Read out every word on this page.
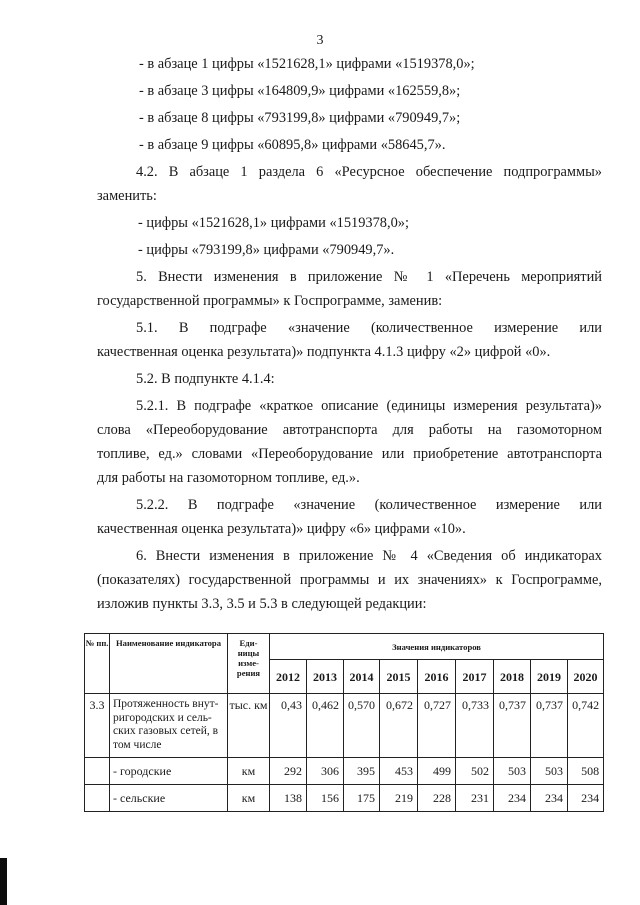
3
- в абзаце 1 цифры «1521628,1» цифрами «1519378,0»;
- в абзаце 3 цифры «164809,9» цифрами «162559,8»;
- в абзаце 8 цифры «793199,8» цифрами «790949,7»;
- в абзаце 9 цифры «60895,8» цифрами «58645,7».
4.2. В абзаце 1 раздела 6 «Ресурсное обеспечение подпрограммы»
заменить:
- цифры «1521628,1» цифрами «1519378,0»;
- цифры «793199,8» цифрами «790949,7».
5. Внести изменения в приложение № 1 «Перечень мероприятий
государственной программы» к Госпрограмме, заменив:
5.1. В подграфе «значение (количественное измерение или
качественная оценка результата)» подпункта 4.1.3 цифру «2» цифрой «0».
5.2. В подпункте 4.1.4:
5.2.1. В подграфе «краткое описание (единицы измерения результата)»
слова «Переоборудование автотранспорта для работы на газомоторном
топливе, ед.» словами «Переоборудование или приобретение автотранспорта
для работы на газомоторном топливе, ед.».
5.2.2. В подграфе «значение (количественное измерение или
качественная оценка результата)» цифру «6» цифрами «10».
6. Внести изменения в приложение № 4 «Сведения об индикаторах
(показателях) государственной программы и их значениях» к Госпрограмме,
изложив пункты 3.3, 3.5 и 5.3 в следующей редакции:
№ пп.	Наименование индикатора	Еди- ницы изме- рения	Значения индикаторов								
			2012	2013	2014	2015	2016	2017	2018	2019	2020
3.3	Протяженность внут- ригородских и сель- ских газовых сетей, в том числе	тыс. км	0,43	0,462	0,570	0,672	0,727	0,733	0,737	0,737	0,742
	- городские	км	292	306	395	453	499	502	503	503	508
	- сельские	км	138	156	175	219	228	231	234	234	234
